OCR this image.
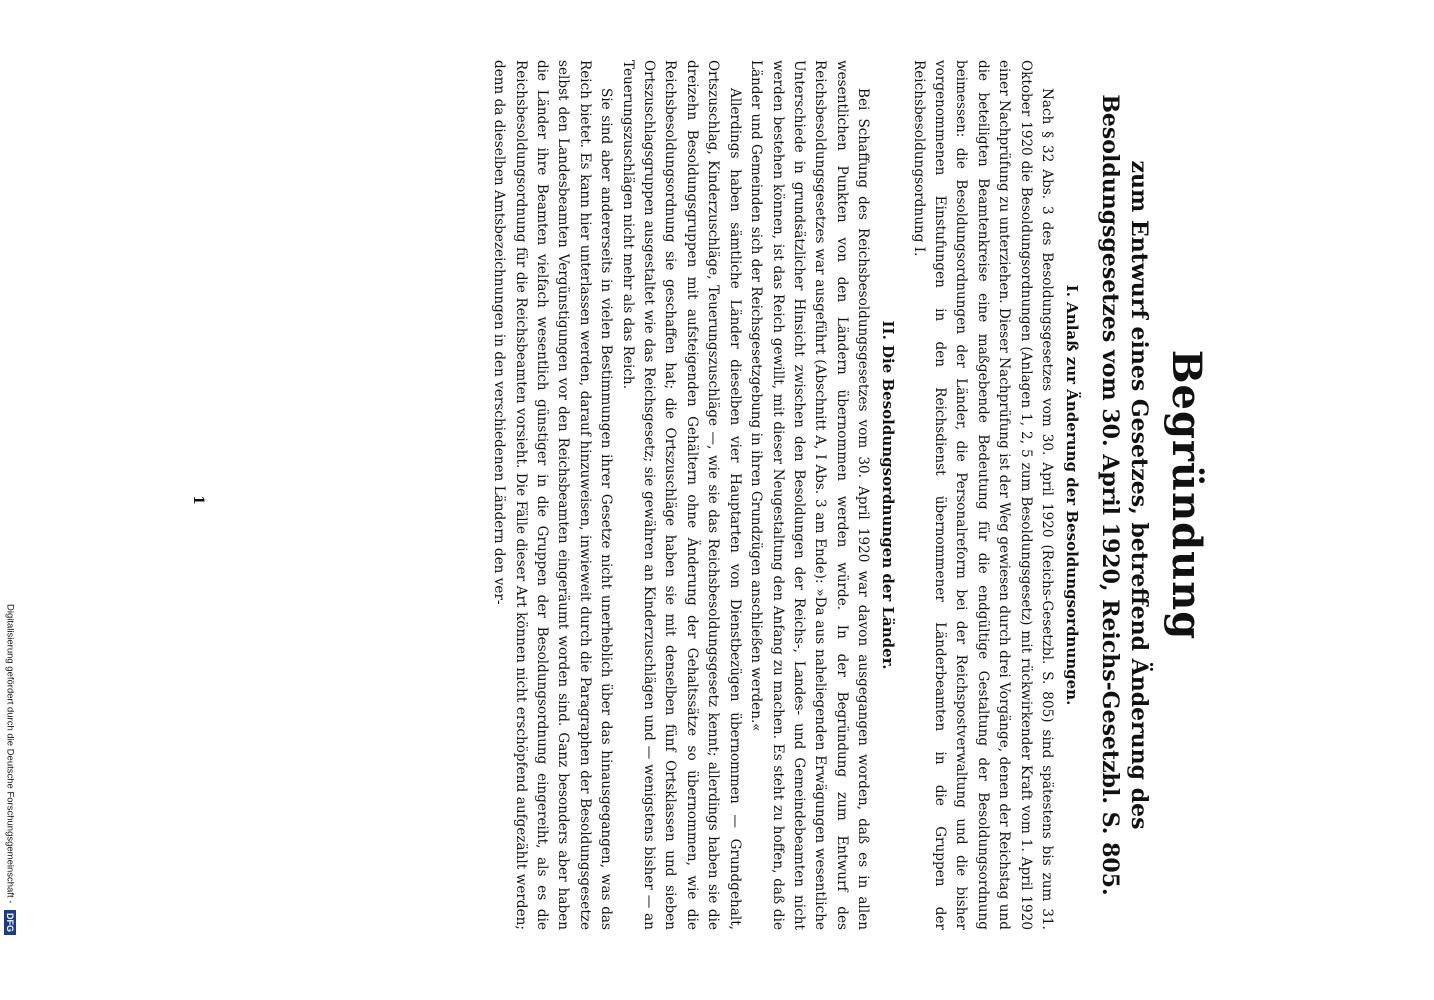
Begründung
zum Entwurf eines Gesetzes, betreffend Änderung des Besoldungsgesetzes vom 30. April 1920, Reichs-Gesetzbl. S. 805.
I. Anlaß zur Änderung der Besoldungsordnungen.

Nach § 32 Abs. 3 des Besoldungsgesetzes vom 30. April 1920 (Reichs-Gesetzbl. S. 805) sind spätestens bis zum 31. Oktober 1920 die Besoldungsordnungen (Anlagen 1, 2, 5 zum Besoldungsgesetz) mit rückwirkender Kraft vom 1. April 1920 einer Nachprüfung zu unterziehen. Dieser Nachprüfung ist der Weg gewiesen durch drei Vorgänge, denen der Reichstag und die beteiligten Beamtenkreise eine maßgebende Bedeutung für die endgültige Gestaltung der Besoldungsordnung beimessen: die Besoldungsordnungen der Länder, die Personalreform bei der Reichspostverwaltung und die bisher vorgenommenen Einstufungen in den Reichsdienst übernommener Länderbeamten in die Gruppen der Reichsbesoldungsordnung I.

II. Die Besoldungsordnungen der Länder.

Bei Schaffung des Reichsbesoldungsgesetzes vom 30. April 1920 war davon ausgegangen worden, daß es in allen wesentlichen Punkten von den Ländern übernommen werden würde. In der Begründung zum Entwurf des Reichsbesoldungsgesetzes war ausgeführt (Abschnitt A, I Abs. 3 am Ende): »Da aus naheliegenden Erwägungen wesentliche Unterschiede in grundsätzlicher Hinsicht zwischen den Besoldungen der Reichs-, Landes- und Gemeindebeamten nicht werden bestehen können, ist das Reich gewillt, mit dieser Neugestaltung den Anfang zu machen. Es steht zu hoffen, daß die Länder und Gemeinden sich der Reichsgesetzgebung in ihren Grundzügen anschließen werden.«

Allerdings haben sämtliche Länder dieselben vier Hauptarten von Dienstbezügen übernommen — Grundgehalt, Ortszuschlag, Kinderzuschläge, Teuerungszuschläge —, wie sie das Reichsbesoldungsgesetz kennt; allerdings haben sie die dreizehn Besoldungsgruppen mit aufsteigenden Gehältern ohne Änderung der Gehaltssätze so übernommen, wie die Reichsbesoldungsordnung sie geschaffen hat; die Ortszuschläge haben sie mit denselben fünf Ortsklassen und sieben Ortszuschlagsgruppen ausgestaltet wie das Reichsgesetz; sie gewähren an Kinderzuschlägen und — wenigstens bisher — an Teuerungszuschlägen nicht mehr als das Reich.

Sie sind aber andererseits in vielen Bestimmungen ihrer Gesetze nicht unerheblich über das hinausgegangen, was das Reich bietet. Es kann hier unterlassen werden, darauf hinzuweisen, inwieweit durch die Paragraphen der Besoldungsgesetze selbst den Landesbeamten Vergünstigungen vor den Reichsbeamten eingeräumt worden sind. Ganz besonders aber haben die Länder ihre Beamten vielfach wesentlich günstiger in die Gruppen der Besoldungsordnung eingereiht, als es die Reichsbesoldungsordnung für die Reichsbeamten vorsieht. Die Fälle dieser Art können nicht erschöpfend aufgezählt werden; denn da dieselben Amtsbezeichnungen in den verschiedenen Ländern den ver-

1
Digitalisierung gefördert durch die Deutsche Forschungsgemeinschaft - DFG
